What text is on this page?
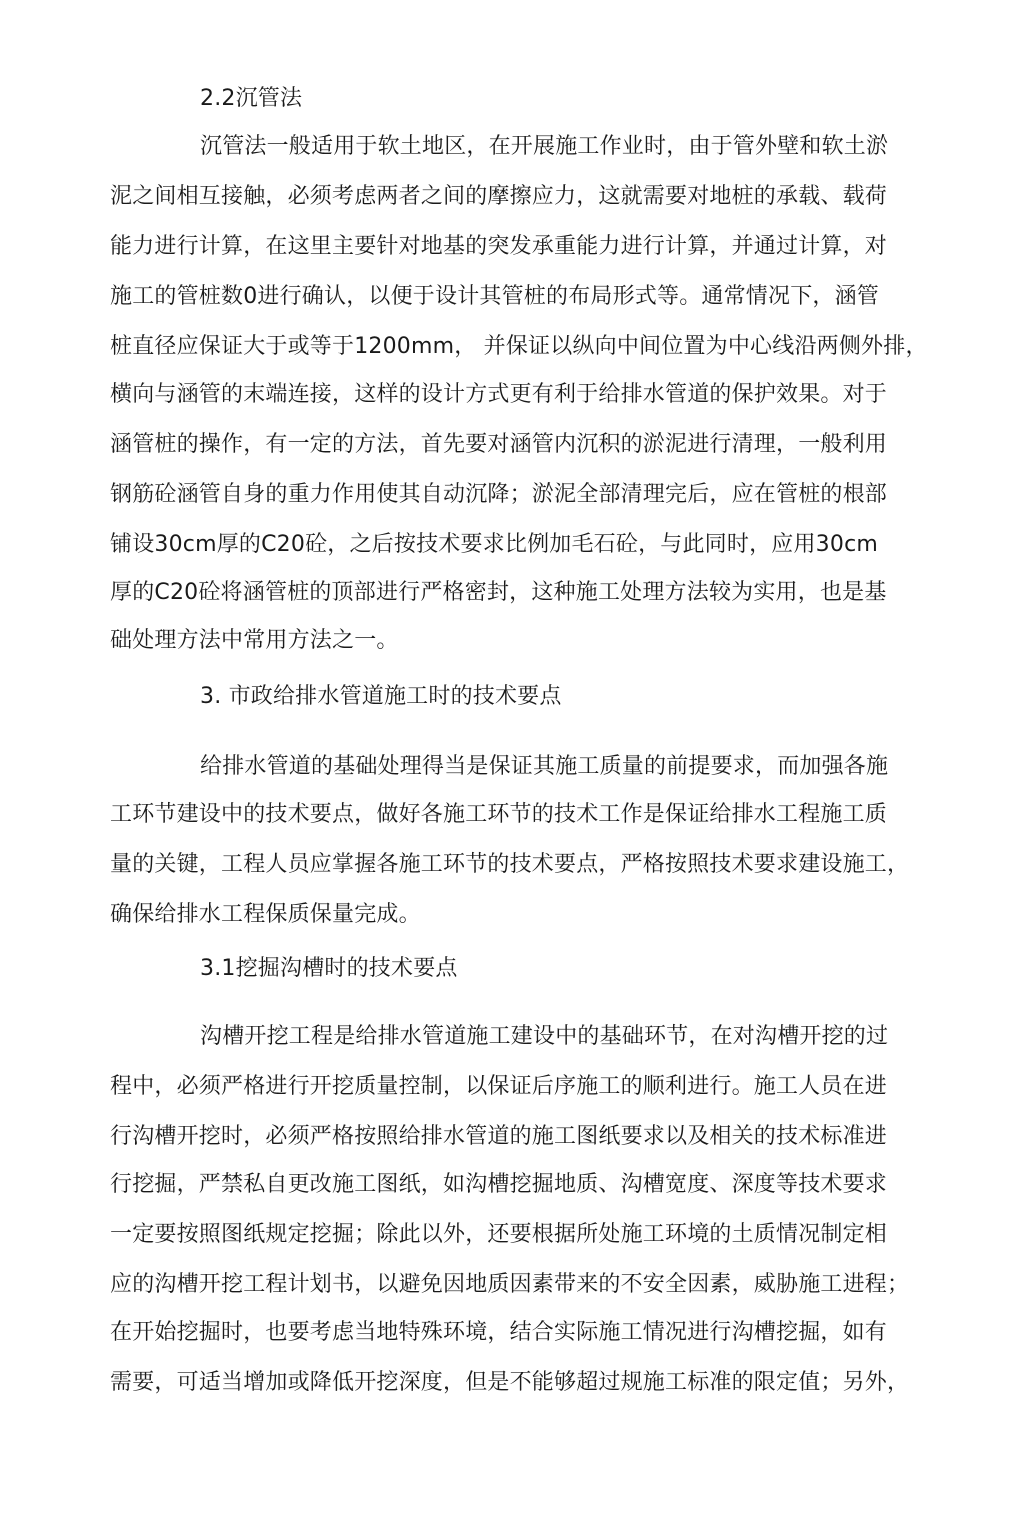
2.2沉管法
沉管法一般适用于软土地区，在开展施工作业时，由于管外壁和软土淤
泥之间相互接触，必须考虑两者之间的摩擦应力，这就需要对地桩的承载、载荷
能力进行计算，在这里主要针对地基的突发承重能力进行计算，并通过计算，对
施工的管桩数0进行确认，以便于设计其管桩的布局形式等。通常情况下，涵管
桩直径应保证大于或等于1200mm， 并保证以纵向中间位置为中心线沿两侧外排，
横向与涵管的末端连接，这样的设计方式更有利于给排水管道的保护效果。对于
涵管桩的操作，有一定的方法，首先要对涵管内沉积的淤泥进行清理，一般利用
钢筋砼涵管自身的重力作用使其自动沉降；淤泥全部清理完后，应在管桩的根部
铺设30cm厚的C20砼，之后按技术要求比例加毛石砼，与此同时，应用30cm
厚的C20砼将涵管桩的顶部进行严格密封，这种施工处理方法较为实用，也是基
础处理方法中常用方法之一。
3. 市政给排水管道施工时的技术要点
给排水管道的基础处理得当是保证其施工质量的前提要求，而加强各施
工环节建设中的技术要点，做好各施工环节的技术工作是保证给排水工程施工质
量的关键，工程人员应掌握各施工环节的技术要点，严格按照技术要求建设施工，
确保给排水工程保质保量完成。
3.1挖掘沟槽时的技术要点
沟槽开挖工程是给排水管道施工建设中的基础环节，在对沟槽开挖的过
程中，必须严格进行开挖质量控制，以保证后序施工的顺利进行。施工人员在进
行沟槽开挖时，必须严格按照给排水管道的施工图纸要求以及相关的技术标准进
行挖掘，严禁私自更改施工图纸，如沟槽挖掘地质、沟槽宽度、深度等技术要求
一定要按照图纸规定挖掘；除此以外，还要根据所处施工环境的土质情况制定相
应的沟槽开挖工程计划书，以避免因地质因素带来的不安全因素，威胁施工进程；
在开始挖掘时，也要考虑当地特殊环境，结合实际施工情况进行沟槽挖掘，如有
需要，可适当增加或降低开挖深度，但是不能够超过规施工标准的限定值；另外，
